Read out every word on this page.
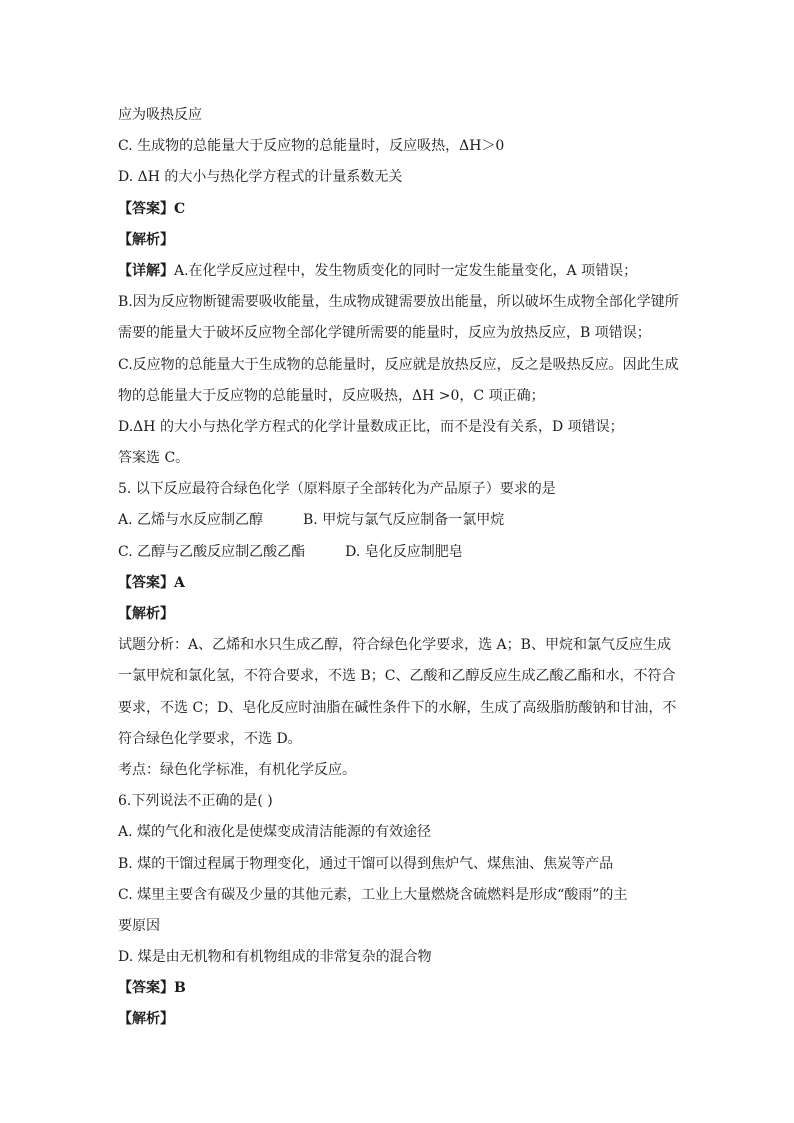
应为吸热反应
C. 生成物的总能量大于反应物的总能量时，反应吸热，ΔH＞0
D. ΔH 的大小与热化学方程式的计量系数无关
【答案】C
【解析】
【详解】A.在化学反应过程中，发生物质变化的同时一定发生能量变化，A 项错误；
B.因为反应物断键需要吸收能量，生成物成键需要放出能量，所以破坏生成物全部化学键所
需要的能量大于破坏反应物全部化学键所需要的能量时，反应为放热反应，B 项错误；
C.反应物的总能量大于生成物的总能量时，反应就是放热反应，反之是吸热反应。因此生成
物的总能量大于反应物的总能量时，反应吸热，ΔH >0，C 项正确；
D.ΔH 的大小与热化学方程式的化学计量数成正比，而不是没有关系，D 项错误；
答案选 C。
5. 以下反应最符合绿色化学（原料原子全部转化为产品原子）要求的是
A. 乙烯与水反应制乙醇	B. 甲烷与氯气反应制备一氯甲烷
C. 乙醇与乙酸反应制乙酸乙酯	D. 皂化反应制肥皂
【答案】A
【解析】
试题分析：A、乙烯和水只生成乙醇，符合绿色化学要求，选 A；B、甲烷和氯气反应生成
一氯甲烷和氯化氢，不符合要求，不选 B；C、乙酸和乙醇反应生成乙酸乙酯和水，不符合
要求，不选 C；D、皂化反应时油脂在碱性条件下的水解，生成了高级脂肪酸钠和甘油，不
符合绿色化学要求，不选 D。
考点：绿色化学标准，有机化学反应。
6.下列说法不正确的是( )
A. 煤的气化和液化是使煤变成清洁能源的有效途径
B. 煤的干馏过程属于物理变化，通过干馏可以得到焦炉气、煤焦油、焦炭等产品
C. 煤里主要含有碳及少量的其他元素，工业上大量燃烧含硫燃料是形成“酸雨”的主
要原因
D. 煤是由无机物和有机物组成的非常复杂的混合物
【答案】B
【解析】
